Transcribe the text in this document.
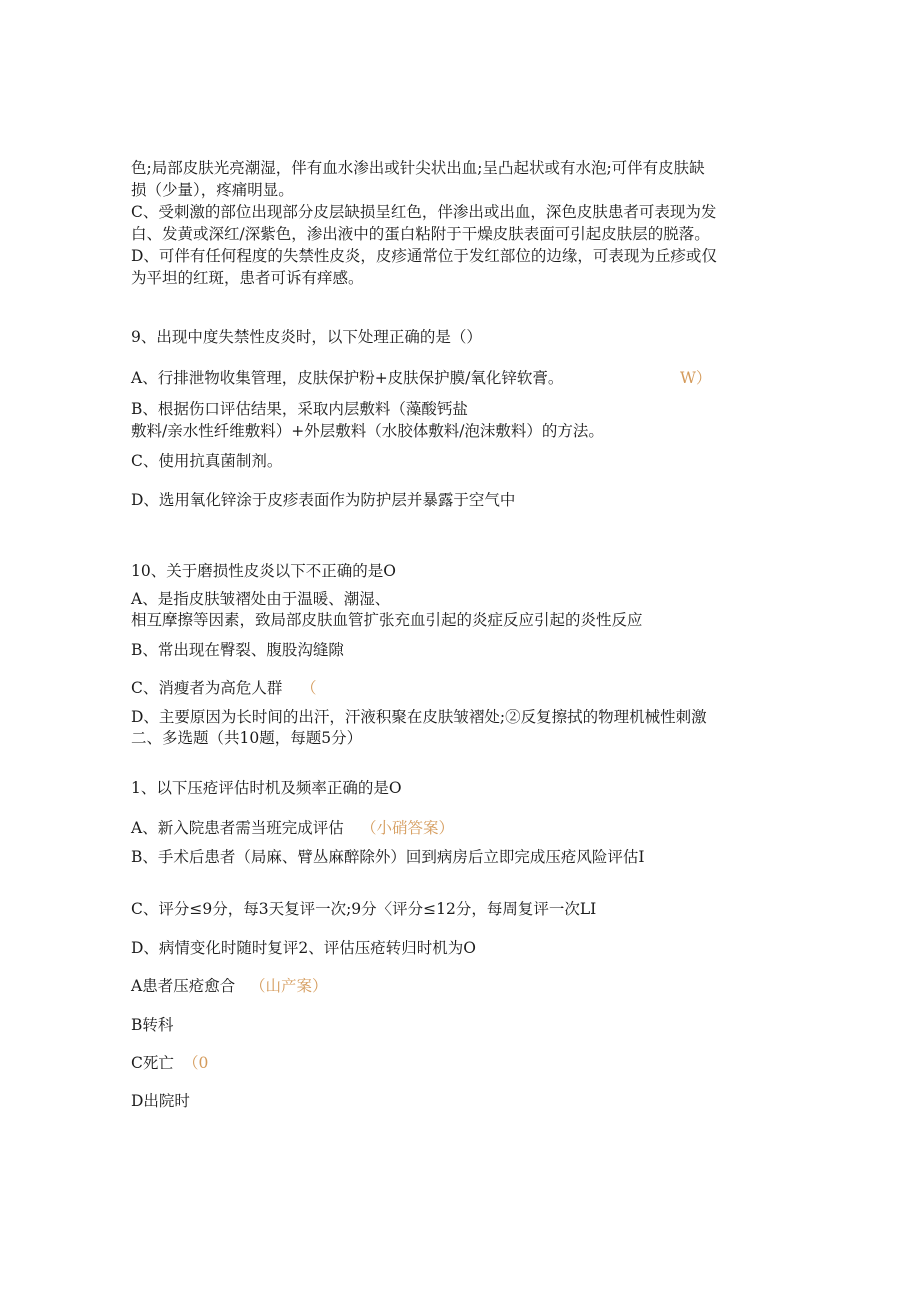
色;局部皮肤光亮潮湿，伴有血水渗出或针尖状出血;呈凸起状或有水泡;可伴有皮肤缺
损（少量），疼痛明显。
C、受刺激的部位出现部分皮层缺损呈红色，伴渗出或出血，深色皮肤患者可表现为发
白、发黄或深红/深紫色，渗出液中的蛋白粘附于干燥皮肤表面可引起皮肤层的脱落。
D、可伴有任何程度的失禁性皮炎，皮疹通常位于发红部位的边缘，可表现为丘疹或仅
为平坦的红斑，患者可诉有痒感。
9、出现中度失禁性皮炎时，以下处理正确的是（）
A、行排泄物收集管理，皮肤保护粉+皮肤保护膜/氧化锌软膏。	W）
B、根据伤口评估结果，采取内层敷料（藻酸钙盐
敷料/亲水性纤维敷料）+外层敷料（水胶体敷料/泡沫敷料）的方法。
C、使用抗真菌制剂。
D、选用氧化锌涂于皮疹表面作为防护层并暴露于空气中
10、关于磨损性皮炎以下不正确的是O
A、是指皮肤皱褶处由于温暖、潮湿、
相互摩擦等因素，致局部皮肤血管扩张充血引起的炎症反应引起的炎性反应
B、常出现在臀裂、腹股沟缝隙
C、消瘦者为高危人群 （
D、主要原因为长时间的出汗，汗液积聚在皮肤皱褶处;②反复擦拭的物理机械性刺激
二、多选题（共10题，每题5分）
1、以下压疮评估时机及频率正确的是O
A、新入院患者需当班完成评估 （小硝答案）
B、手术后患者（局麻、臂丛麻醉除外）回到病房后立即完成压疮风险评估I
C、评分≤9分，每3天复评一次;9分〈评分≤12分，每周复评一次LI
D、病情变化时随时复评2、评估压疮转归时机为O
A患者压疮愈合 （山产案）
B转科
C死亡 （0
D出院时
